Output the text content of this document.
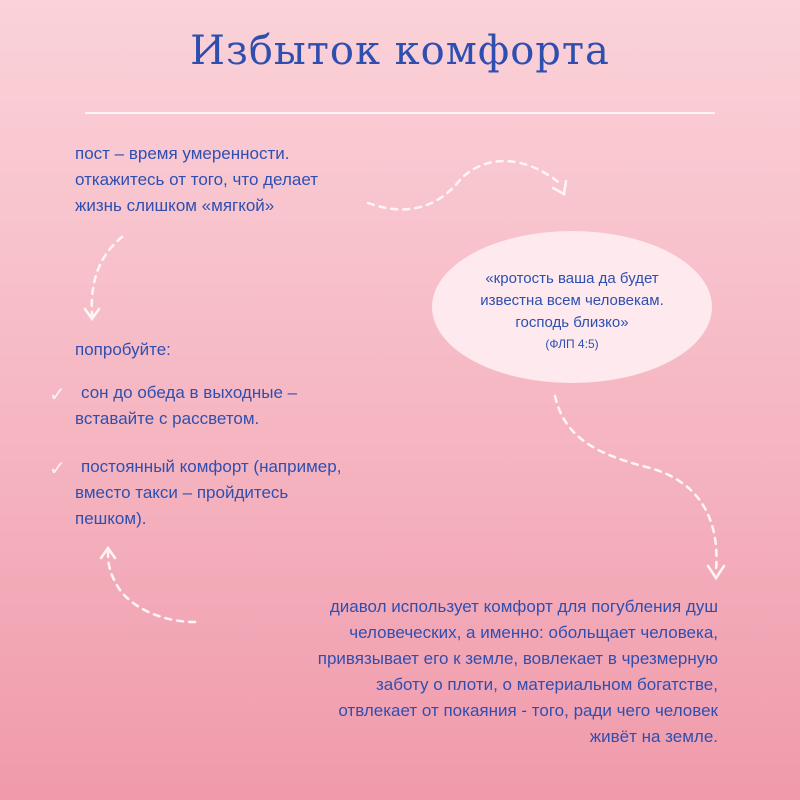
Избыток комфорта
пост – время умеренности.
откажитесь от того, что делает
жизнь слишком «мягкой»
попробуйте:
✓ сон до обеда в выходные –
вставайте с рассветом.
✓ постоянный комфорт (например,
вместо такси – пройдитесь
пешком).
«кротость ваша да будет
известна всем человекам.
господь близко»
(ФЛП 4:5)
диавол использует комфорт для погубления душ
человеческих, а именно: обольщает человека,
привязывает его к земле, вовлекает в чрезмерную
заботу о плоти, о материальном богатстве,
отвлекает от покаяния - того, ради чего человек
живёт на земле.
